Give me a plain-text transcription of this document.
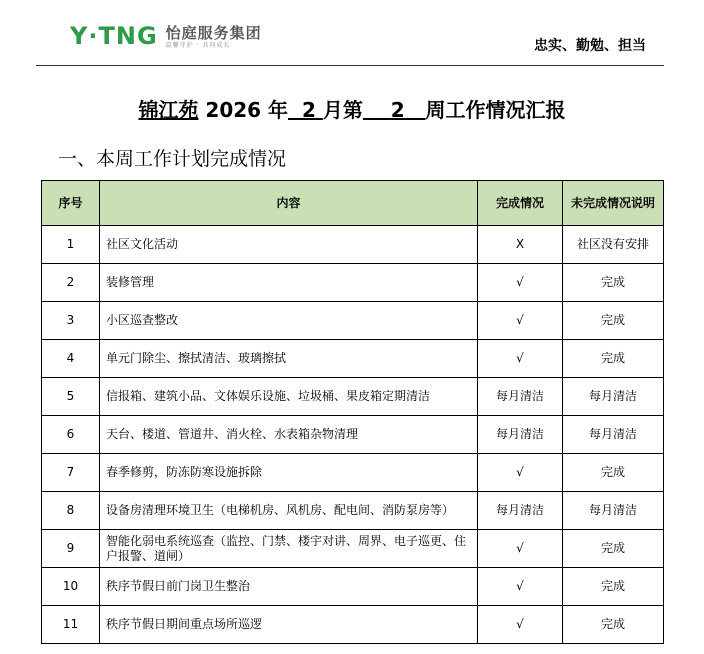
Y·TNG 怡庭服务集团
温馨守护 · 共同成长	忠实、勤勉、担当
锦江苑 2026 年 2 月第 2 周工作情况汇报
一、本周工作计划完成情况
序号	内容	完成情况	未完成情况说明
1	社区文化活动	X	社区没有安排
2	装修管理	√	完成
3	小区巡查整改	√	完成
4	单元门除尘、擦拭清洁、玻璃擦拭	√	完成
5	信报箱、建筑小品、文体娱乐设施、垃圾桶、果皮箱定期清洁	每月清洁	每月清洁
6	天台、楼道、管道井、消火栓、水表箱杂物清理	每月清洁	每月清洁
7	春季修剪，防冻防寒设施拆除	√	完成
8	设备房清理环境卫生（电梯机房、风机房、配电间、消防泵房等）	每月清洁	每月清洁
9	智能化弱电系统巡查（监控、门禁、楼宇对讲、周界、电子巡更、住户报警、道闸）	√	完成
10	秩序节假日前门岗卫生整治	√	完成
11	秩序节假日期间重点场所巡逻	√	完成
